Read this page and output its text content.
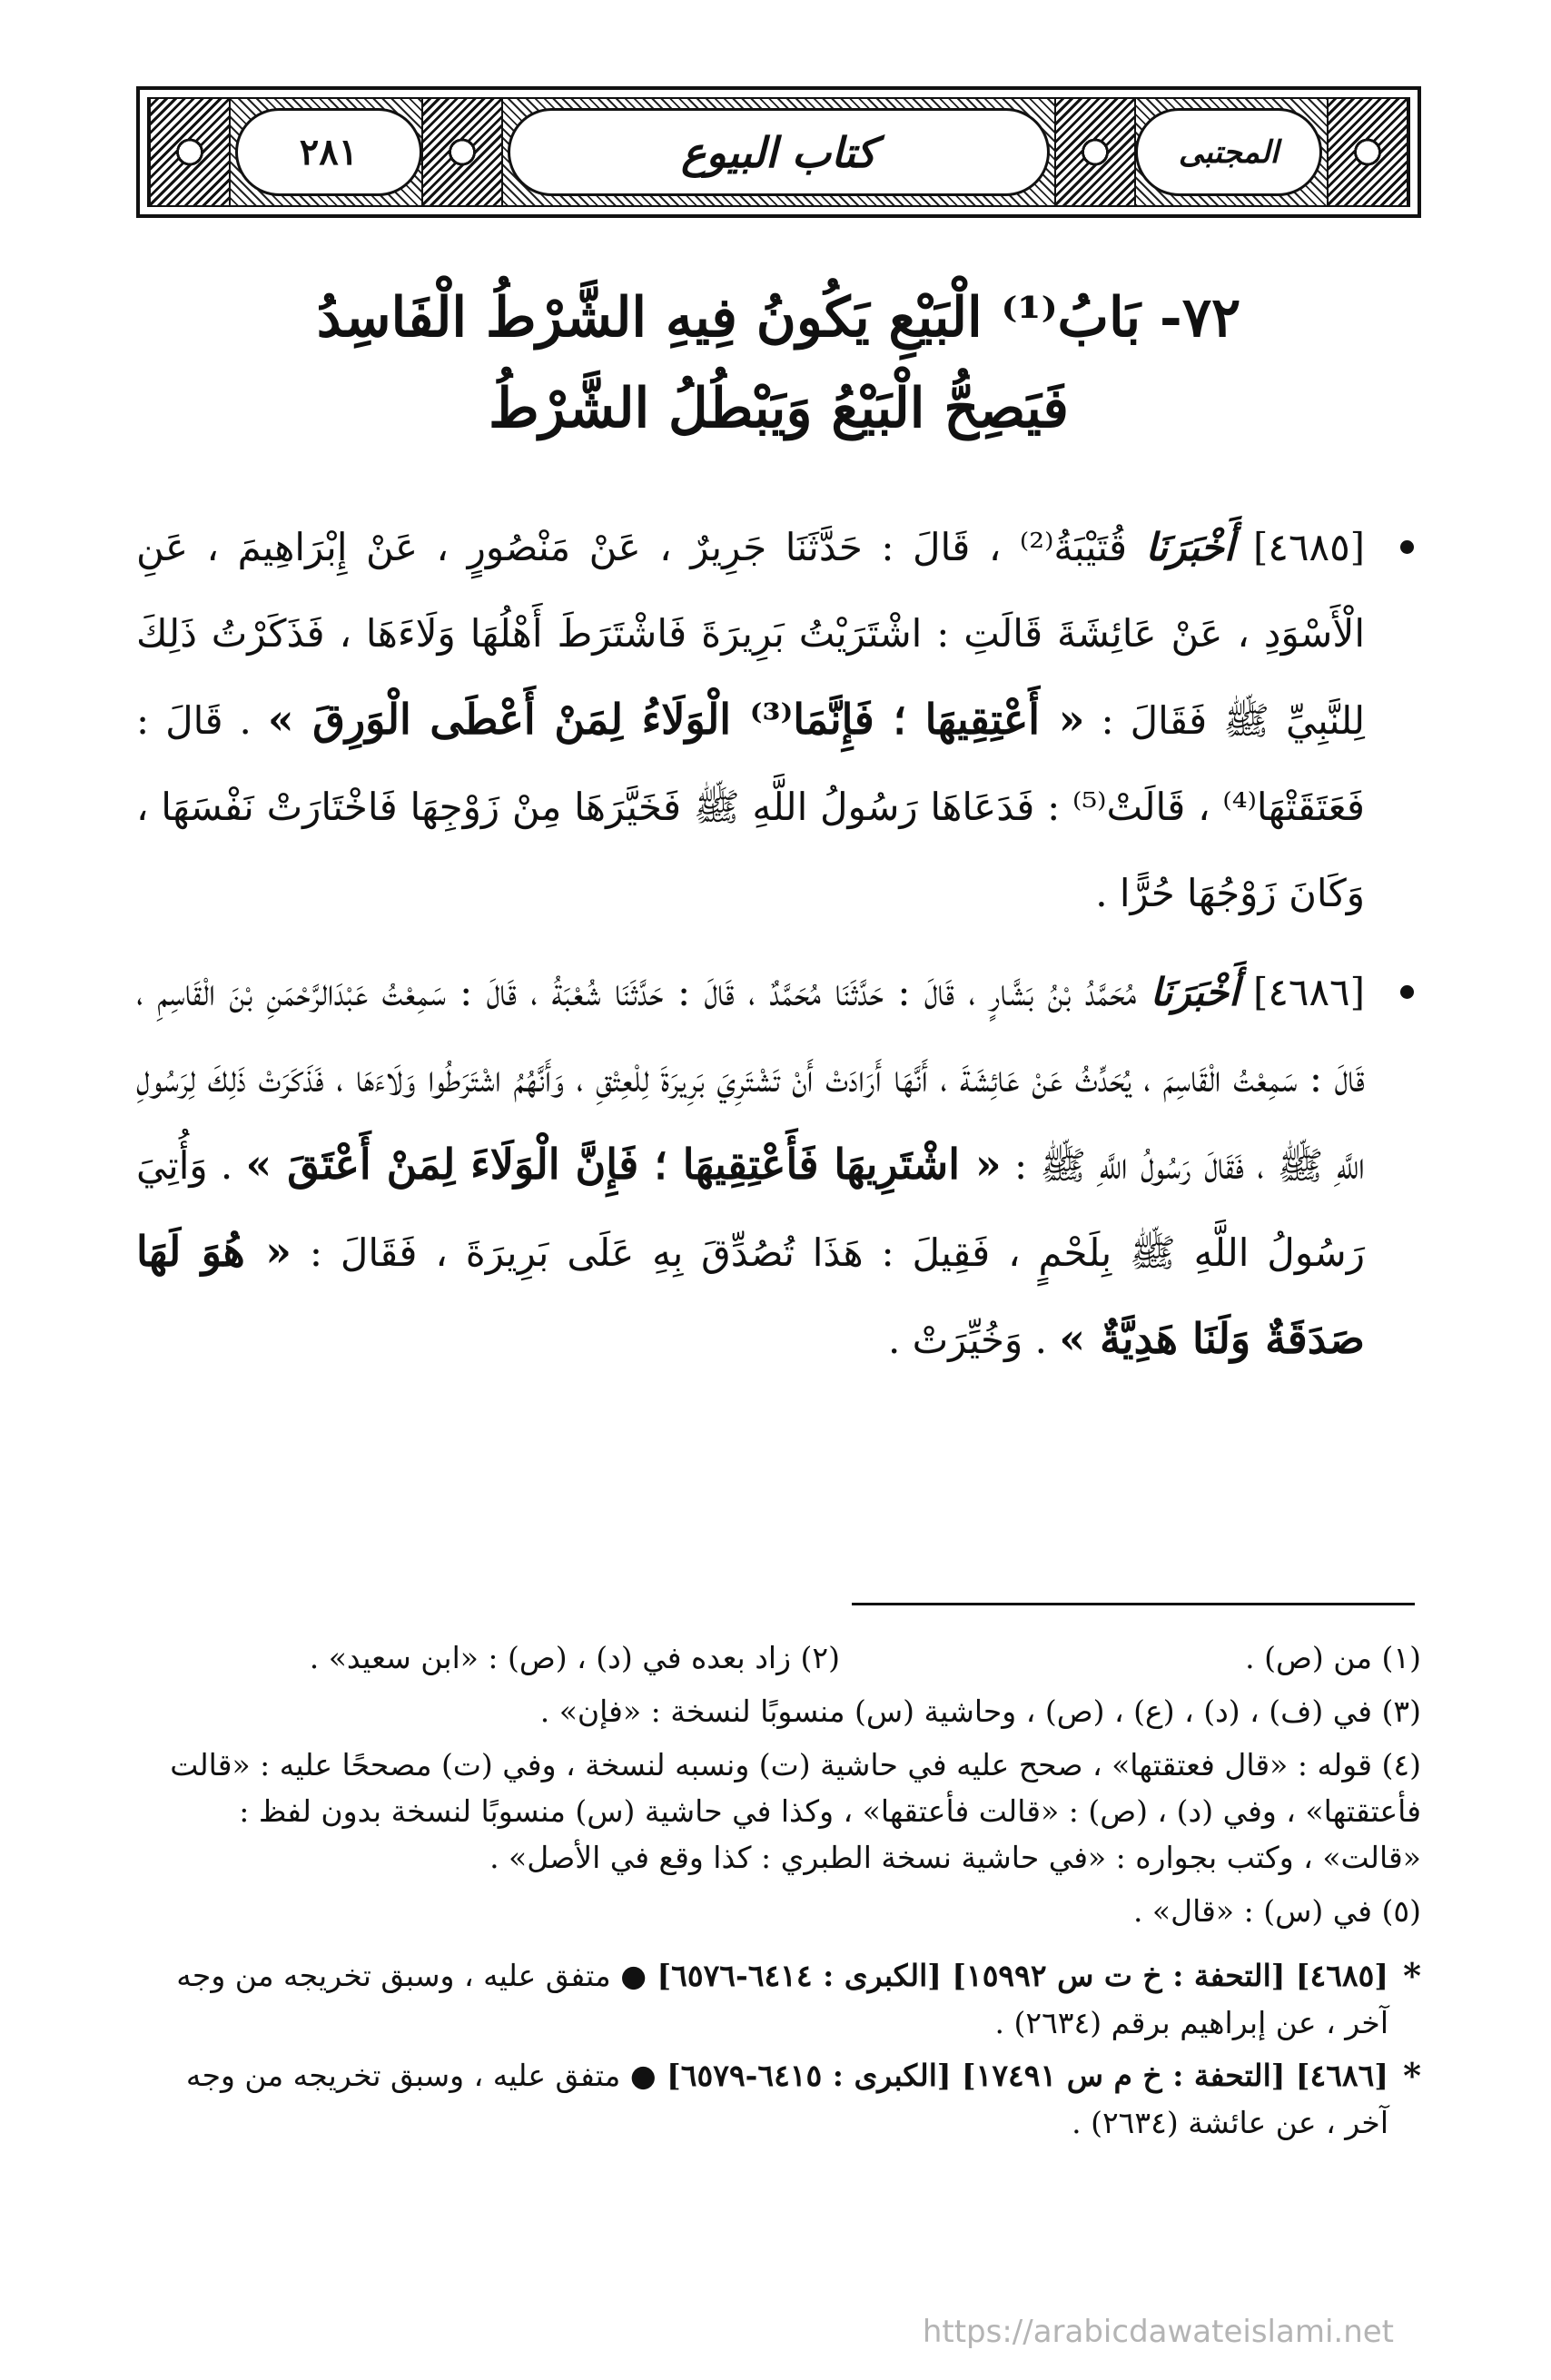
المجتبى
كتاب البيوع
٢٨١
٧٢- بَابُ⁽¹⁾ الْبَيْعِ يَكُونُ فِيهِ الشَّرْطُ الْفَاسِدُ
فَيَصِحُّ الْبَيْعُ وَيَبْطُلُ الشَّرْطُ
[٤٦٨٥] أَخْبَرَنَا قُتَيْبَةُ⁽²⁾ ، قَالَ : حَدَّثَنَا جَرِيرٌ ، عَنْ مَنْصُورٍ ، عَنْ إِبْرَاهِيمَ ، عَنِ الْأَسْوَدِ ، عَنْ عَائِشَةَ قَالَتِ : اشْتَرَيْتُ بَرِيرَةَ فَاشْتَرَطَ أَهْلُهَا وَلَاءَهَا ، فَذَكَرْتُ ذَلِكَ لِلنَّبِيِّ ﷺ فَقَالَ : « أَعْتِقِيهَا ؛ فَإِنَّمَا⁽³⁾ الْوَلَاءُ لِمَنْ أَعْطَى الْوَرِقَ » . قَالَ : فَعَتَقَتْهَا⁽⁴⁾ ، قَالَتْ⁽⁵⁾ : فَدَعَاهَا رَسُولُ اللَّهِ ﷺ فَخَيَّرَهَا مِنْ زَوْجِهَا فَاخْتَارَتْ نَفْسَهَا ، وَكَانَ زَوْجُهَا حُرًّا .
[٤٦٨٦] أَخْبَرَنَا مُحَمَّدُ بْنُ بَشَّارٍ ، قَالَ : حَدَّثَنَا مُحَمَّدٌ ، قَالَ : حَدَّثَنَا شُعْبَةُ ، قَالَ : سَمِعْتُ عَبْدَالرَّحْمَنِ بْنَ الْقَاسِمِ ، قَالَ : سَمِعْتُ الْقَاسِمَ ، يُحَدِّثُ عَنْ عَائِشَةَ ، أَنَّهَا أَرَادَتْ أَنْ تَشْتَرِيَ بَرِيرَةَ لِلْعِتْقِ ، وَأَنَّهُمُ اشْتَرَطُوا وَلَاءَهَا ، فَذَكَرَتْ ذَلِكَ لِرَسُولِ اللَّهِ ﷺ ، فَقَالَ رَسُولُ اللَّهِ ﷺ : « اشْتَرِيهَا فَأَعْتِقِيهَا ؛ فَإِنَّ الْوَلَاءَ لِمَنْ أَعْتَقَ » . وَأُتِيَ رَسُولُ اللَّهِ ﷺ بِلَحْمٍ ، فَقِيلَ : هَذَا تُصُدِّقَ بِهِ عَلَى بَرِيرَةَ ، فَقَالَ : « هُوَ لَهَا صَدَقَةٌ وَلَنَا هَدِيَّةٌ » . وَخُيِّرَتْ .

(١) من (ص) .
(٢) زاد بعده في (د) ، (ص) : «ابن سعيد» .

(٣) في (ف) ، (د) ، (ع) ، (ص) ، وحاشية (س) منسوبًا لنسخة : «فإن» .

(٤) قوله : «قال فعتقتها» ، صحح عليه في حاشية (ت) ونسبه لنسخة ، وفي (ت) مصححًا عليه : «قالت فأعتقتها» ، وفي (د) ، (ص) : «قالت فأعتقها» ، وكذا في حاشية (س) منسوبًا لنسخة بدون لفظ : «قالت» ، وكتب بجواره : «في حاشية نسخة الطبري : كذا وقع في الأصل» .

(٥) في (س) : «قال» .

*
[٤٦٨٥] [التحفة : خ ت س ١٥٩٩٢] [الكبرى : ٦٤١٤-٦٥٧٦] ● متفق عليه ، وسبق تخريجه من وجه آخر ، عن إبراهيم برقم (٢٦٣٤) .

*
[٤٦٨٦] [التحفة : خ م س ١٧٤٩١] [الكبرى : ٦٤١٥-٦٥٧٩] ● متفق عليه ، وسبق تخريجه من وجه آخر ، عن عائشة (٢٦٣٤) .

https://arabicdawateislami.net
